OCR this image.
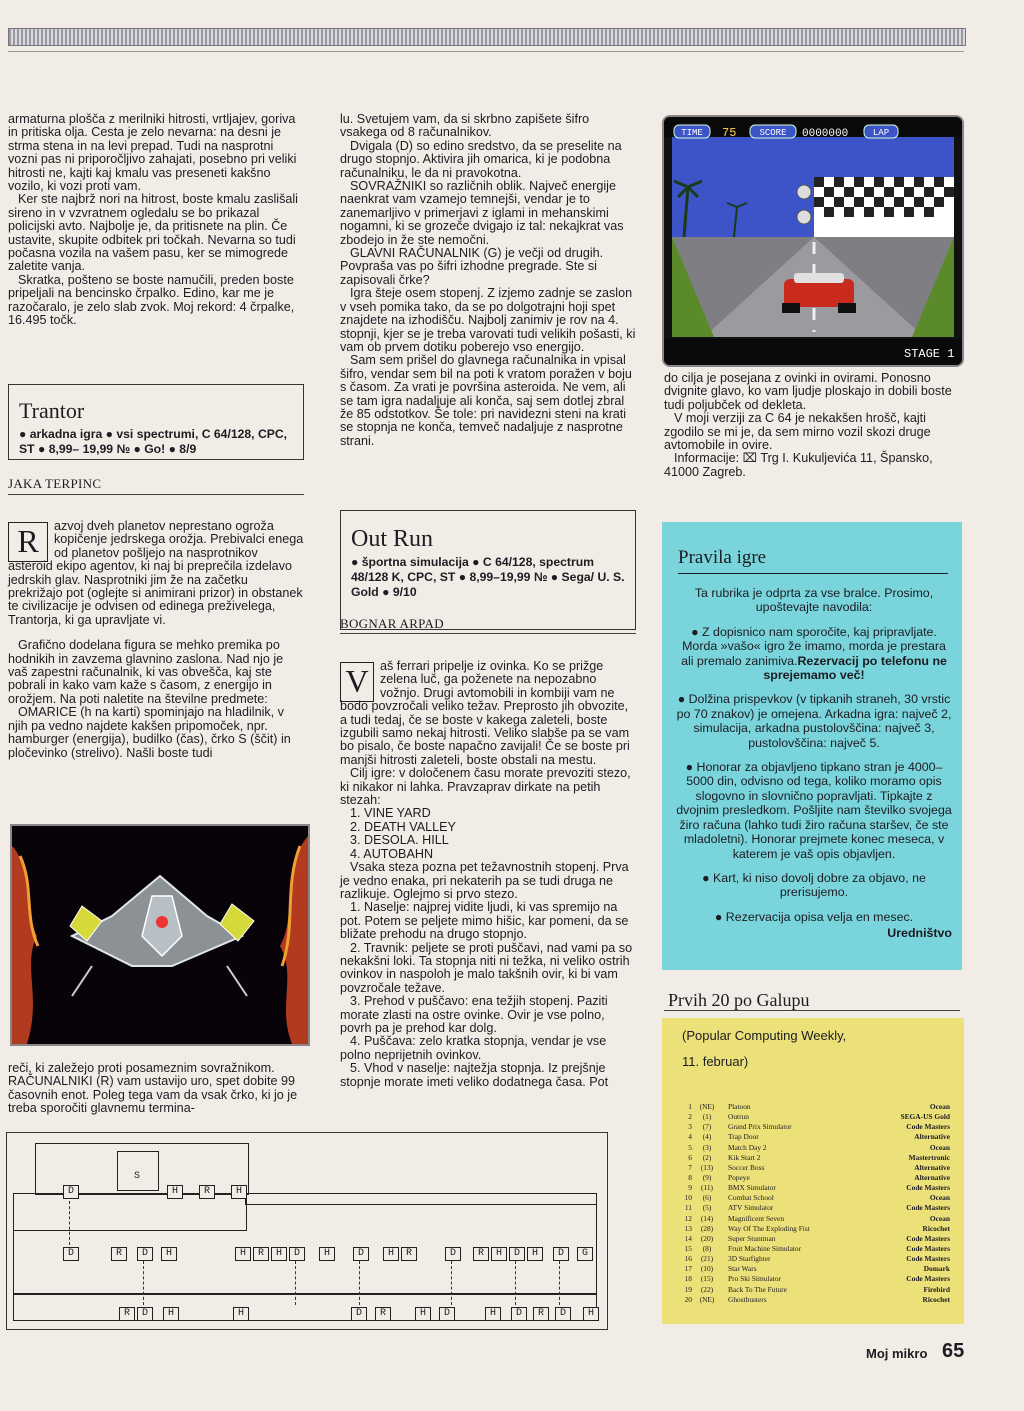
armaturna plošča z merilniki hitrosti, vrtljajev, goriva in pritiska olja. Cesta je zelo nevarna: na desni je strma stena in na levi prepad. Tudi na nasprotni vozni pas ni priporočljivo zahajati, posebno pri veliki hitrosti ne, kajti kaj kmalu vas preseneti kakšno vozilo, ki vozi proti vam.

Ker ste najbrž nori na hitrost, boste kmalu zaslišali sireno in v vzvratnem ogledalu se bo prikazal policijski avto. Najbolje je, da pritisnete na plin. Če ustavite, skupite odbitek pri točkah. Nevarna so tudi počasna vozila na vašem pasu, ker se mimogrede zaletite vanja.

Skratka, pošteno se boste namučili, preden boste pripeljali na bencinsko črpalko. Edino, kar me je razočaralo, je zelo slab zvok. Moj rekord: 4 črpalke, 16.495 točk.

Trantor
● arkadna igra ● vsi spectrumi, C 64/128, CPC, ST ● 8,99– 19,99 № ● Go! ● 8/9
JAKA TERPINC
R	azvoj dveh planetov neprestano ogroža kopičenje jedrskega orožja. Prebivalci enega od planetov pošljejo na nasprotnikov asteroid ekipo agentov, ki naj bi preprečila izdelavo jedrskih glav. Nasprotniki jim že na začetku prekrižajo pot (oglejte si animirani prizor) in obstanek te civilizacije je odvisen od edinega preživelega, Trantorja, ki ga upravljate vi.

Grafično dodelana figura se mehko premika po hodnikih in zavzema glavnino zaslona. Nad njo je vaš zapestni računalnik, ki vas obvešča, kaj ste pobrali in kako vam kaže s časom, z energijo in orožjem. Na poti naletite na številne predmete:

OMARICE (h na karti) spominjajo na hladilnik, v njih pa vedno najdete kakšen pripomoček, npr. hamburger (energija), budilko (čas), črko S (ščit) in pločevinko (strelivo). Našli boste tudi

reči, ki zaležejo proti posameznim sovražnikom. RAČUNALNIKI (R) vam ustavijo uro, spet dobite 99 časovnih enot. Poleg tega vam da vsak črko, ki jo je treba sporočiti glavnemu termina-

lu. Svetujem vam, da si skrbno zapišete šifro vsakega od 8 računalnikov.

Dvigala (D) so edino sredstvo, da se preselite na drugo stopnjo. Aktivira jih omarica, ki je podobna računalniku, le da ni pravokotna.

SOVRAŽNIKI so različnih oblik. Največ energije naenkrat vam vzamejo temnejši, vendar je to zanemarljivo v primerjavi z iglami in mehanskimi nogamni, ki se grozeče dvigajo iz tal: nekajkrat vas zbodejo in že ste nemočni.

GLAVNI RAČUNALNIK (G) je večji od drugih. Povpraša vas po šifri izhodne pregrade. Ste si zapisovali črke?

Igra šteje osem stopenj. Z izjemo zadnje se zaslon v vseh pomika tako, da se po dolgotrajni hoji spet znajdete na izhodišču. Najbolj zanimiv je rov na 4. stopnji, kjer se je treba varovati tudi velikih pošasti, ki vam ob prvem dotiku poberejo vso energijo.

Sam sem prišel do glavnega računalnika in vpisal šifro, vendar sem bil na poti k vratom poražen v boju s časom. Za vrati je površina asteroida. Ne vem, ali se tam igra nadaljuje ali konča, saj sem dotlej zbral že 85 odstotkov. Še tole: pri navidezni steni na krati se stopnja ne konča, temveč nadaljuje z nasprotne strani.

Out Run
● športna simulacija ● C 64/128, spectrum 48/128 K, CPC, ST ● 8,99–19,99 № ● Sega/ U. S. Gold ● 9/10
BOGNAR ARPAD
V aš ferrari pripelje iz ovinka. Ko se prižge zelena luč, ga poženete na nepozabno vožnjo. Drugi avtomobili in kombiji vam ne bodo povzročali veliko težav. Preprosto jih obvozite, a tudi tedaj, če se boste v kakega zaleteli, boste izgubili samo nekaj hitrosti. Veliko slabše pa se vam bo pisalo, če boste napačno zavijali! Če se boste pri manjši hitrosti zaleteli, boste obstali na mestu.

Cilj igre: v določenem času morate prevoziti stezo, ki nikakor ni lahka. Pravzaprav dirkate na petih stezah:

1. VINE YARD
2. DEATH VALLEY
3. DESOLA. HILL
4. AUTOBAHN

Vsaka steza pozna pet težavnostnih stopenj. Prva je vedno enaka, pri nekaterih pa se tudi druga ne razlikuje. Oglejmo si prvo stezo.

1. Naselje: najprej vidite ljudi, ki vas spremijo na pot. Potem se peljete mimo hišic, kar pomeni, da se bližate prehodu na drugo stopnjo.

2. Travnik: peljete se proti puščavi, nad vami pa so nekakšni loki. Ta stopnja niti ni težka, ni veliko ostrih ovinkov in naspoloh je malo takšnih ovir, ki bi vam povzročale težave.

3. Prehod v puščavo: ena težjih stopenj. Paziti morate zlasti na ostre ovinke. Ovir je vse polno, povrh pa je prehod kar dolg.

4. Puščava: zelo kratka stopnja, vendar je vse polno neprijetnih ovinkov.

5. Vhod v naselje: najtežja stopnja. Iz prejšnje stopnje morate imeti veliko dodatnega časa. Pot

TIME 75	SCORE 0000000	LAP
STAGE 1

do cilja je posejana z ovinki in ovirami. Ponosno dvignite glavo, ko vam ljudje ploskajo in dobili boste tudi poljubček od dekleta.

V moji verziji za C 64 je nekakšen hrošč, kajti zgodilo se mi je, da sem mirno vozil skozi druge avtomobile in ovire.

Informacije: ⌧ Trg I. Kukuljevića 11, Špansko, 41000 Zagreb.

Pravila igre

Ta rubrika je odprta za vse bralce. Prosimo, upoštevajte navodila:

● Z dopisnico nam sporočite, kaj pripravljate. Morda »vašo« igro že imamo, morda je prestara ali premalo zanimiva.Rezervacij po telefonu ne sprejemamo več!

● Dolžina prispevkov (v tipkanih straneh, 30 vrstic po 70 znakov) je omejena. Arkadna igra: največ 2, simulacija, arkadna pustolovščina: največ 3, pustolovščina: največ 5.

● Honorar za objavljeno tipkano stran je 4000–5000 din, odvisno od tega, koliko moramo opis slogovno in slovnično popravljati. Tipkajte z dvojnim presledkom. Pošljite nam številko svojega žiro računa (lahko tudi žiro računa staršev, če ste mladoletni). Honorar prejmete konec meseca, v katerem je vaš opis objavljen.

● Kart, ki niso dovolj dobre za objavo, ne prerisujemo.

● Rezervacija opisa velja en mesec.

Uredništvo

Prvih 20 po Galupu
(Popular Computing Weekly,
11. februar)
1	(NE)	Platoon	Ocean
2	(1)	Outrun	SEGA-US Gold
3	(7)	Grand Prix Simulator	Code Masters
4	(4)	Trap Door	Alternative
5	(3)	Match Day 2	Ocean
6	(2)	Kik Start 2	Mastertronic
7	(13)	Soccer Boss	Alternative
8	(9)	Popeye	Alternative
9	(11)	BMX Simulator	Code Masters
10	(6)	Combat School	Ocean
11	(5)	ATV Simulator	Code Masters
12	(14)	Magnificent Seven	Ocean
13	(28)	Way Of The Exploding Fist	Ricochet
14	(20)	Super Stuntman	Code Masters
15	(8)	Fruit Machine Simulator	Code Masters
16	(21)	3D Starfighter	Code Masters
17	(10)	Star Wars	Domark
18	(15)	Pro Ski Simulator	Code Masters
19	(22)	Back To The Future	Firebird
20	(NE)	Ghostbusters	Ricochet
S
D	H	R	H
D	R	D	H	H	R	H	D	H	D	H	R	D	R	H	D	H	D	G
R	D	H	H	D	R	H	D	H	D	R	D	H
Moj mikro 65
